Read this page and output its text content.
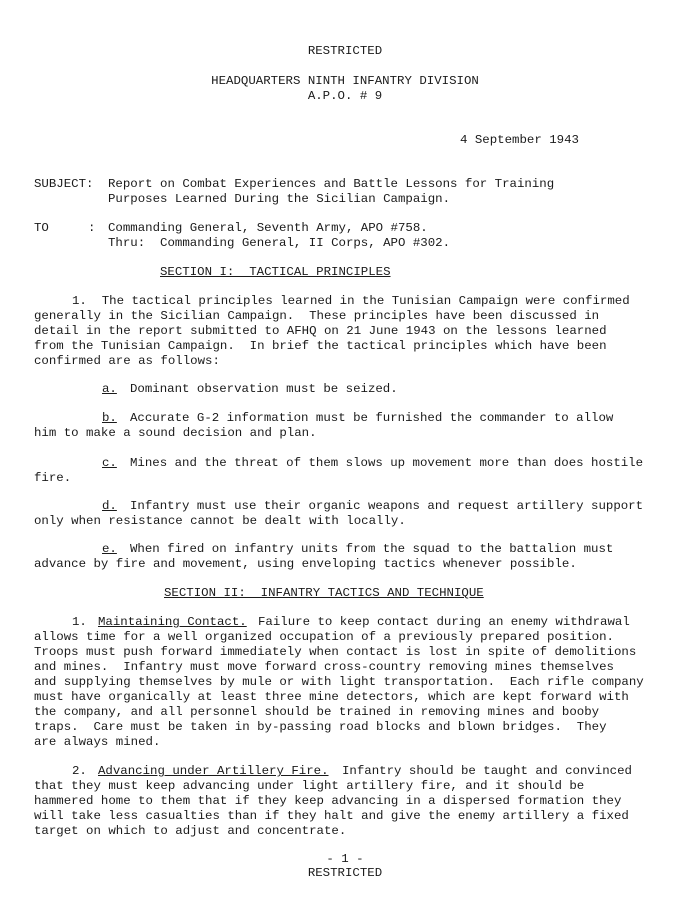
RESTRICTED
HEADQUARTERS NINTH INFANTRY DIVISION
A.P.O. # 9
4 September 1943
SUBJECT: Report on Combat Experiences and Battle Lessons for Training
Purposes Learned During the Sicilian Campaign.
TO	: Commanding General, Seventh Army, APO #758.
Thru:  Commanding General, II Corps, APO #302.
SECTION I:  TACTICAL PRINCIPLES
1.  The tactical principles learned in the Tunisian Campaign were confirmed
generally in the Sicilian Campaign.  These principles have been discussed in
detail in the report submitted to AFHQ on 21 June 1943 on the lessons learned
from the Tunisian Campaign.  In brief the tactical principles which have been
confirmed are as follows:
a. Dominant observation must be seized.
b. Accurate G-2 information must be furnished the commander to allow
him to make a sound decision and plan.
c. Mines and the threat of them slows up movement more than does hostile
fire.
d. Infantry must use their organic weapons and request artillery support
only when resistance cannot be dealt with locally.
e. When fired on infantry units from the squad to the battalion must
advance by fire and movement, using enveloping tactics whenever possible.
SECTION II:  INFANTRY TACTICS AND TECHNIQUE
1. Maintaining Contact. Failure to keep contact during an enemy withdrawal
allows time for a well organized occupation of a previously prepared position.
Troops must push forward immediately when contact is lost in spite of demolitions
and mines.  Infantry must move forward cross-country removing mines themselves
and supplying themselves by mule or with light transportation.  Each rifle company
must have organically at least three mine detectors, which are kept forward with
the company, and all personnel should be trained in removing mines and booby
traps.  Care must be taken in by-passing road blocks and blown bridges.  They
are always mined.
2. Advancing under Artillery Fire. Infantry should be taught and convinced
that they must keep advancing under light artillery fire, and it should be
hammered home to them that if they keep advancing in a dispersed formation they
will take less casualties than if they halt and give the enemy artillery a fixed
target on which to adjust and concentrate.
- 1 -
RESTRICTED
